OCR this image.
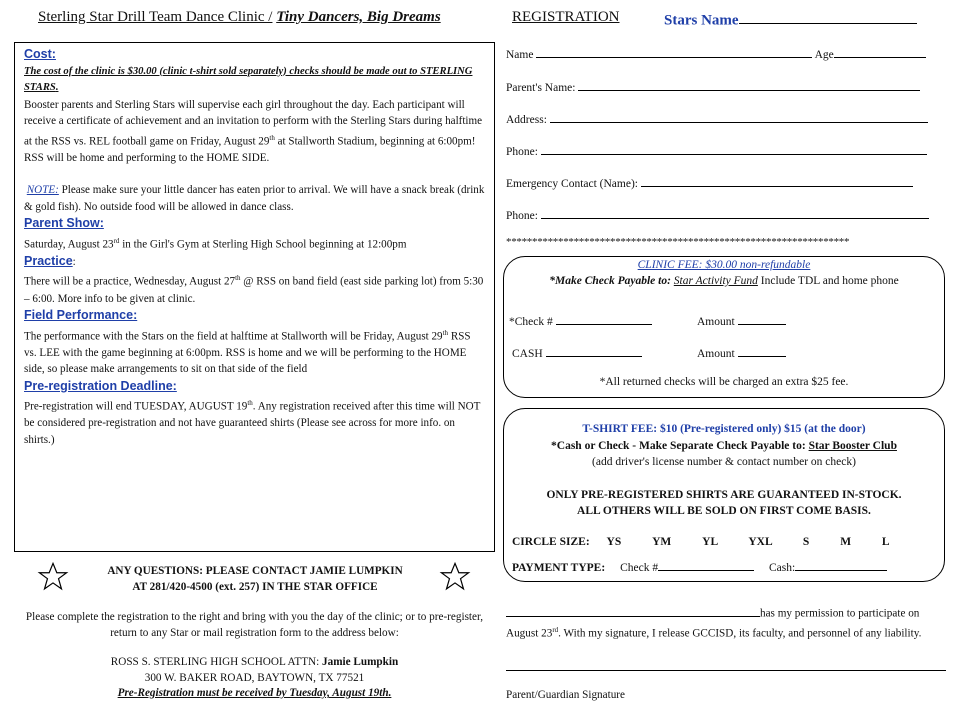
Sterling Star Drill Team Dance Clinic / Tiny Dancers, Big Dreams	REGISTRATION	Stars Name

Cost:

The cost of the clinic is $30.00 (clinic t-shirt sold separately) checks should be made out to STERLING STARS.

Booster parents and Sterling Stars will supervise each girl throughout the day. Each participant will receive a certificate of achievement and an invitation to perform with the Sterling Stars during halftime at the RSS vs. REL football game on Friday, August 29th at Stallworth Stadium, beginning at 6:00pm! RSS will be home and performing to the HOME SIDE.

NOTE: Please make sure your little dancer has eaten prior to arrival. We will have a snack break (drink & gold fish). No outside food will be allowed in dance class.

Parent Show:

Saturday, August 23rd in the Girl's Gym at Sterling High School beginning at 12:00pm

Practice:

There will be a practice, Wednesday, August 27th @ RSS on band field (east side parking lot) from 5:30 – 6:00. More info to be given at clinic.

Field Performance:

The performance with the Stars on the field at halftime at Stallworth will be Friday, August 29th RSS vs. LEE with the game beginning at 6:00pm. RSS is home and we will be performing to the HOME side, so please make arrangements to sit on that side of the field

Pre-registration Deadline:

Pre-registration will end TUESDAY, AUGUST 19th. Any registration received after this time will NOT be considered pre-registration and not have guaranteed shirts (Please see across for more info. on shirts.)

ANY QUESTIONS: PLEASE CONTACT JAMIE LUMPKIN
AT 281/420-4500 (ext. 257) IN THE STAR OFFICE
Please complete the registration to the right and bring with you the day of the clinic; or to pre-register, return to any Star or mail registration form to the address below:
ROSS S. STERLING HIGH SCHOOL ATTN: Jamie Lumpkin
300 W. BAKER ROAD, BAYTOWN, TX 77521
Pre-Registration must be received by Tuesday, August 19th.
Name	Age
Parent's Name:
Address:
Phone:
Emergency Contact (Name):
Phone:
******************************************************************
CLINIC FEE: $30.00 non-refundable
*Make Check Payable to: Star Activity Fund Include TDL and home phone
*Check #	Amount
CASH	Amount
*All returned checks will be charged an extra $25 fee.
T-SHIRT FEE: $10 (Pre-registered only) $15 (at the door)
*Cash or Check - Make Separate Check Payable to: Star Booster Club
(add driver's license number & contact number on check)
ONLY PRE-REGISTERED SHIRTS ARE GUARANTEED IN-STOCK.
ALL OTHERS WILL BE SOLD ON FIRST COME BASIS.
CIRCLE SIZE: YS	YM	YL	YXL	S	M	L
PAYMENT TYPE: Check #	Cash:
has my permission to participate on August 23rd. With my signature, I release GCCISD, its faculty, and personnel of any liability.
Parent/Guardian Signature
